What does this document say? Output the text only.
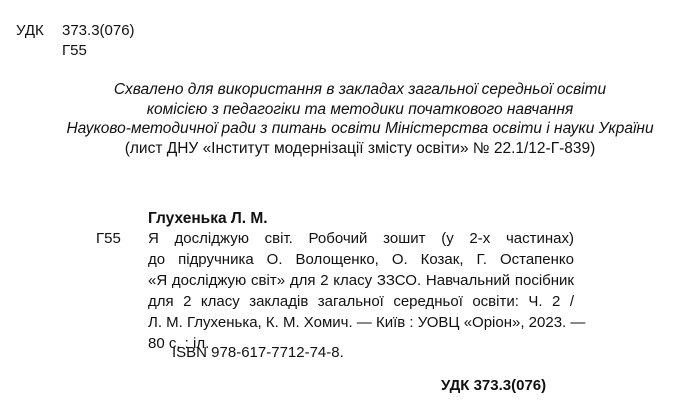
УДК 373.3(076)
Г55
Схвалено для використання в закладах загальної середньої освіти
комісією з педагогіки та методики початкового навчання
Науково-методичної ради з питань освіти Міністерства освіти і науки України
(лист ДНУ «Інститут модернізації змісту освіти» № 22.1/12-Г-839)
Глухенька Л. М.
Г55 Я досліджую світ. Робочий зошит (у 2-х частинах)
до підручника О. Волощенко, О. Козак, Г. Остапенко
«Я досліджую світ» для 2 класу ЗЗСО. Навчальний посібник
для 2 класу закладів загальної середньої освіти: Ч. 2 /
Л. М. Глухенька, К. М. Хомич. — Київ : УОВЦ «Оріон», 2023. —
80 с. : іл.
ISBN 978-617-7712-74-8.
УДК 373.3(076)
